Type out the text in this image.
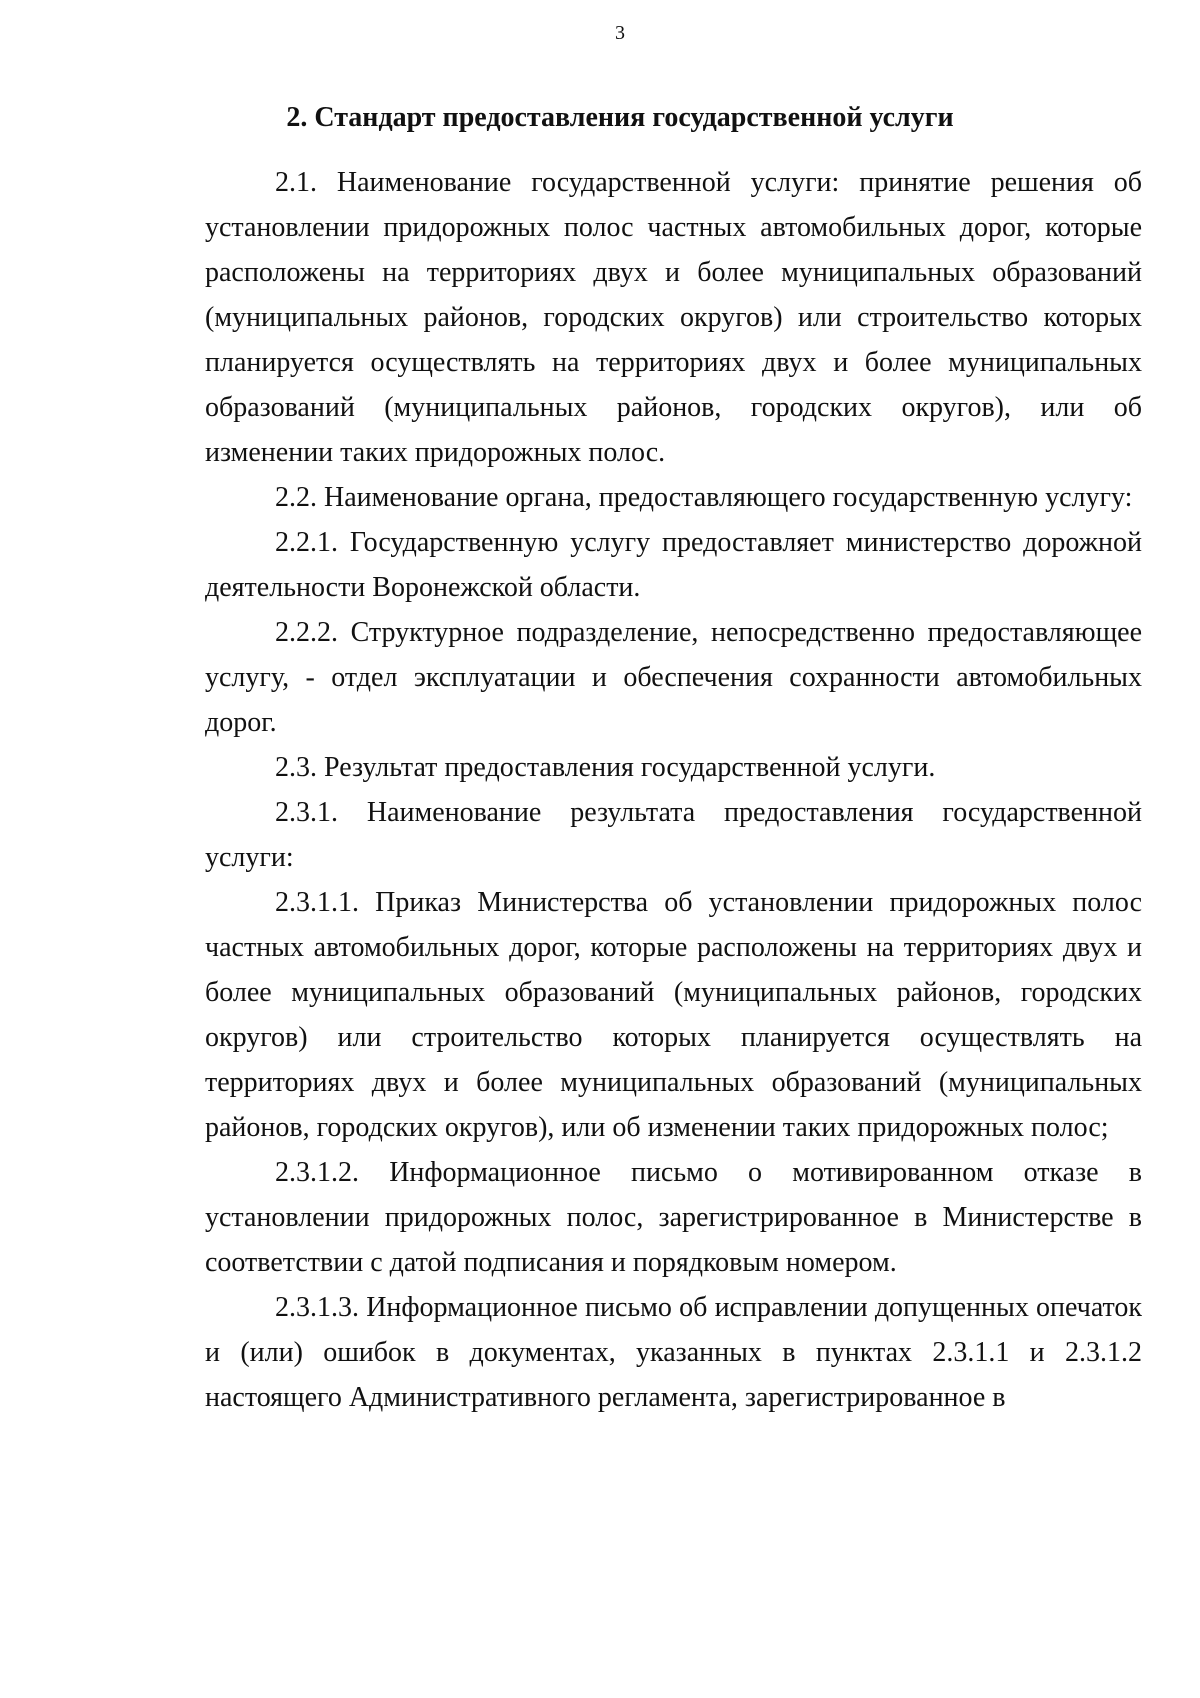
3
2. Стандарт предоставления государственной услуги

2.1. Наименование государственной услуги: принятие решения об установлении придорожных полос частных автомобильных дорог, которые расположены на территориях двух и более муниципальных образований (муниципальных районов, городских округов) или строительство которых планируется осуществлять на территориях двух и более муниципальных образований (муниципальных районов, городских округов), или об изменении таких придорожных полос.

2.2. Наименование органа, предоставляющего государственную услугу:

2.2.1. Государственную услугу предоставляет министерство дорожной деятельности Воронежской области.

2.2.2. Структурное подразделение, непосредственно предоставляющее услугу, - отдел эксплуатации и обеспечения сохранности автомобильных дорог.

2.3. Результат предоставления государственной услуги.

2.3.1. Наименование результата предоставления государственной услуги:

2.3.1.1. Приказ Министерства об установлении придорожных полос частных автомобильных дорог, которые расположены на территориях двух и более муниципальных образований (муниципальных районов, городских округов) или строительство которых планируется осуществлять на территориях двух и более муниципальных образований (муниципальных районов, городских округов), или об изменении таких придорожных полос;

2.3.1.2. Информационное письмо о мотивированном отказе в установлении придорожных полос, зарегистрированное в Министерстве в соответствии с датой подписания и порядковым номером.

2.3.1.3. Информационное письмо об исправлении допущенных опечаток и (или) ошибок в документах, указанных в пунктах 2.3.1.1 и 2.3.1.2 настоящего Административного регламента, зарегистрированное в
